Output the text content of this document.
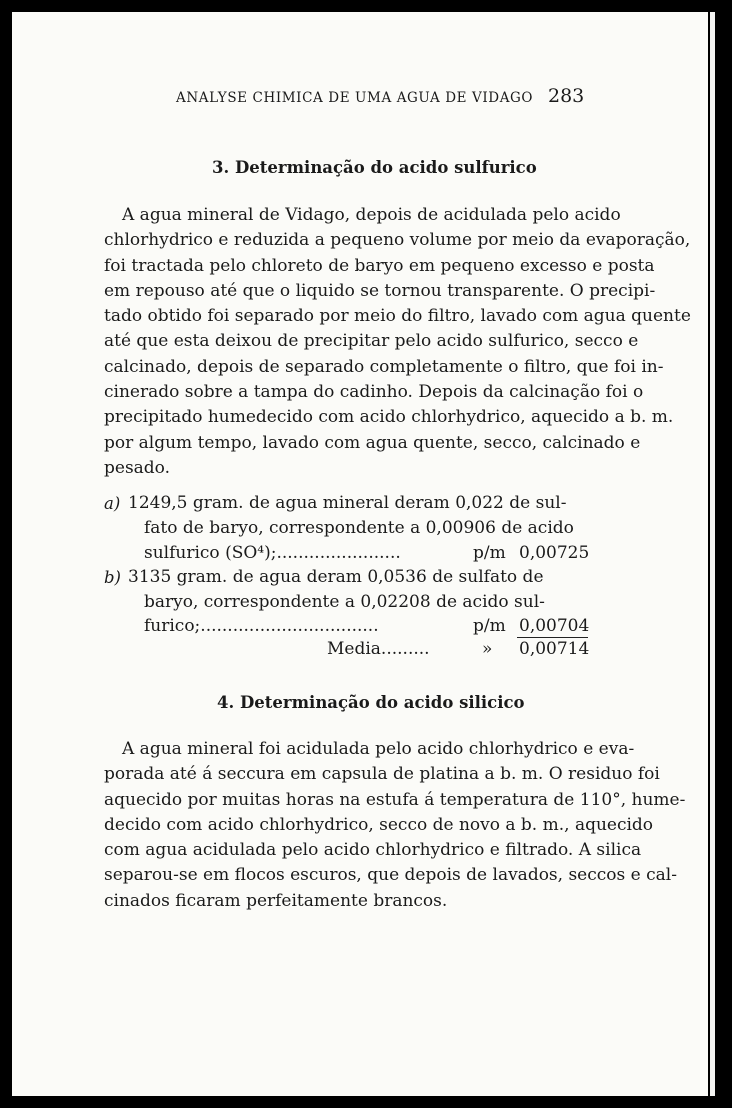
ANALYSE CHIMICA DE UMA AGUA DE VIDAGO 283
3. Determinação do acido sulfurico
A agua mineral de Vidago, depois de acidulada pelo acido
chlorhydrico e reduzida a pequeno volume por meio da evaporação,
foi tractada pelo chloreto de baryo em pequeno excesso e posta
em repouso até que o liquido se tornou transparente. O precipi-
tado obtido foi separado por meio do filtro, lavado com agua quente
até que esta deixou de precipitar pelo acido sulfurico, secco e
calcinado, depois de separado completamente o filtro, que foi in-
cinerado sobre a tampa do cadinho. Depois da calcinação foi o
precipitado humedecido com acido chlorhydrico, aquecido a b. m.
por algum tempo, lavado com agua quente, secco, calcinado e
pesado.
a) 1249,5 gram. de agua mineral deram 0,022 de sul-
fato de baryo, correspondente a 0,00906 de acido
sulfurico (SO⁴);.......................	p/m 0,00725
b) 3135 gram. de agua deram 0,0536 de sulfato de
baryo, correspondente a 0,02208 de acido sul-
furico;.................................	p/m 0,00704
Media.........	» 0,00714
4. Determinação do acido silicico
A agua mineral foi acidulada pelo acido chlorhydrico e eva-
porada até á seccura em capsula de platina a b. m. O residuo foi
aquecido por muitas horas na estufa á temperatura de 110°, hume-
decido com acido chlorhydrico, secco de novo a b. m., aquecido
com agua acidulada pelo acido chlorhydrico e filtrado. A silica
separou-se em flocos escuros, que depois de lavados, seccos e cal-
cinados ficaram perfeitamente brancos.
